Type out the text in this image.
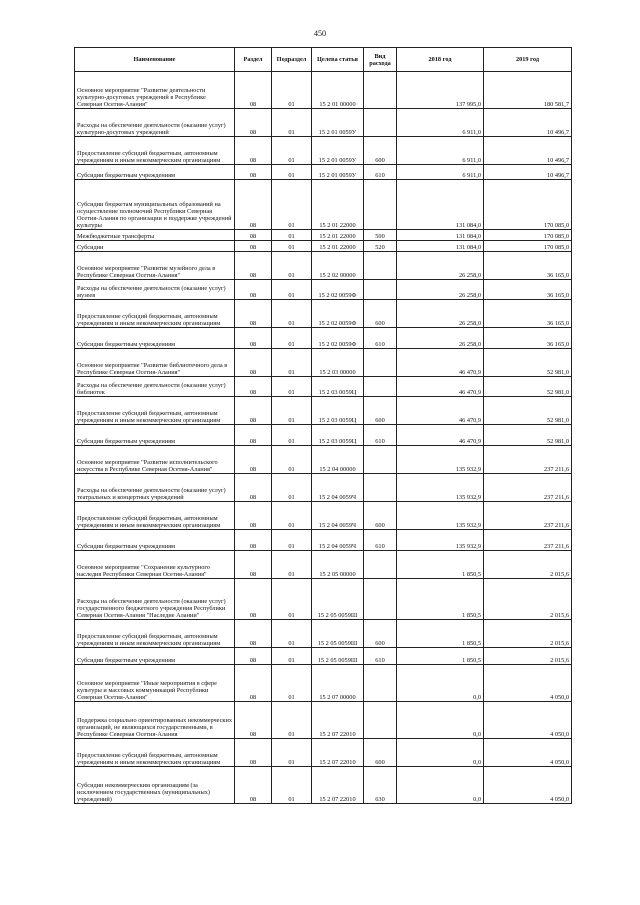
450
Наименование	Раздел	Подраздел	Целева статья	Вид расхода	2018 год	2019 год
Основное мероприятие "Развитие деятельности культурно-досуговых учреждений в Республике Северная Осетия-Алания"	08	01	15 2 01 00000		137 995,0	180 581,7
Расходы на обеспечение деятельности (оказание услуг) культурно-досуговых учреждений	08	01	15 2 01 0059У		6 911,0	10 496,7
Предоставление субсидий бюджетным, автономным учреждениям и иным некоммерческим организациям	08	01	15 2 01 0059У	600	6 911,0	10 496,7
Субсидии бюджетным учреждениям	08	01	15 2 01 0059У	610	6 911,0	10 496,7
Субсидии бюджетам муниципальных образований на осуществление полномочий Республики Северная Осетия-Алания по организации и поддержке учреждений культуры	08	01	15 2 01 22000		131 084,0	170 085,0
Межбюджетные трансферты	08	01	15 2 01 22000	500	131 084,0	170 085,0
Субсидии	08	01	15 2 01 22000	520	131 084,0	170 085,0
Основное мероприятие "Развитие музейного дела в Республике Северная Осетия-Алания"	08	01	15 2 02 00000		26 258,0	36 165,0
Расходы на обеспечение деятельности (оказание услуг) музеев	08	01	15 2 02 0059Ф		26 258,0	36 165,0
Предоставление субсидий бюджетным, автономным учреждениям и иным некоммерческим организациям	08	01	15 2 02 0059Ф	600	26 258,0	36 165,0
Субсидии бюджетным учреждениям	08	01	15 2 02 0059Ф	610	26 258,0	36 165,0
Основное мероприятие "Развитие библиотечного дела в Республике Северная Осетия-Алания"	08	01	15 2 03 00000		46 470,9	52 981,0
Расходы на обеспечение деятельности (оказание услуг) библиотек	08	01	15 2 03 0059Ц		46 470,9	52 981,0
Предоставление субсидий бюджетным, автономным учреждениям и иным некоммерческим организациям	08	01	15 2 03 0059Ц	600	46 470,9	52 981,0
Субсидии бюджетным учреждениям	08	01	15 2 03 0059Ц	610	46 470,9	52 981,0
Основное мероприятие "Развитие исполнительского искусства в Республике Северная Осетия-Алания"	08	01	15 2 04 00000		135 932,9	237 211,6
Расходы на обеспечение деятельности (оказание услуг) театральных и концертных учреждений	08	01	15 2 04 0059Ч		135 932,9	237 211,6
Предоставление субсидий бюджетным, автономным учреждениям и иным некоммерческим организациям	08	01	15 2 04 0059Ч	600	135 932,9	237 211,6
Субсидии бюджетным учреждениям	08	01	15 2 04 0059Ч	610	135 932,9	237 211,6
Основное мероприятие "Сохранение культурного наследия Республики Северная Осетия-Алания"	08	01	15 2 05 00000		1 850,5	2 015,6
Расходы на обеспечение деятельности (оказание услуг) государственного бюджетного учреждения Республики Северная Осетия-Алания "Наследие Алании"	08	01	15 2 05 0059Ш		1 850,5	2 015,6
Предоставление субсидий бюджетным, автономным учреждениям и иным некоммерческим организациям	08	01	15 2 05 0059Ш	600	1 850,5	2 015,6
Субсидии бюджетным учреждениям	08	01	15 2 05 0059Ш	610	1 850,5	2 015,6
Основное мероприятие "Иные мероприятия в сфере культуры и массовых коммуникаций Республики Северная Осетия-Алания"	08	01	15 2 07 00000		0,0	4 050,0
Поддержка социально ориентированных некоммерческих организаций, не являющихся государственными, в Республике Северная Осетия-Алания	08	01	15 2 07 22010		0,0	4 050,0
Предоставление субсидий бюджетным, автономным учреждениям и иным некоммерческим организациям	08	01	15 2 07 22010	600	0,0	4 050,0
Субсидии некоммерческим организациям (за исключением государственных (муниципальных) учреждений)	08	01	15 2 07 22010	630	0,0	4 050,0
